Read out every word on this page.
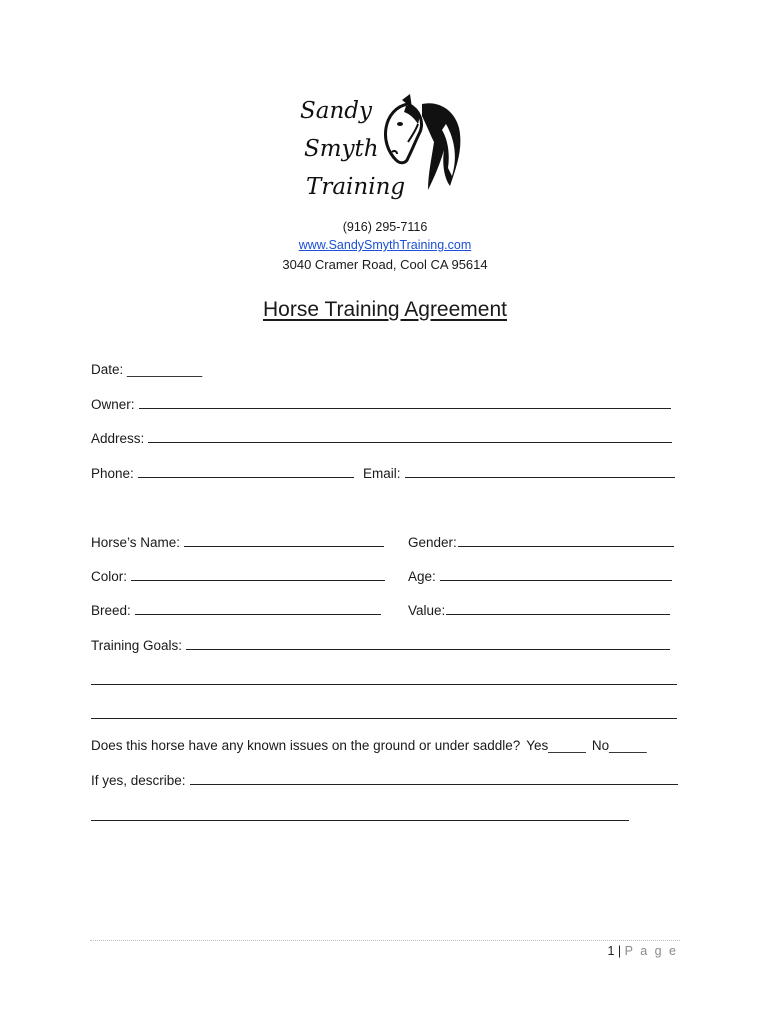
Sandy
Smyth
Training
(916) 295-7116
www.SandySmythTraining.com
3040 Cramer Road, Cool CA 95614
Horse Training Agreement
Date: __________
Owner:
Address:
Phone:	Email:
Horse’s Name:	Gender:
Color:	Age:
Breed:	Value:
Training Goals:
Does this horse have any known issues on the ground or under saddle? Yes_____ No_____
If yes, describe:
1 | P a g e
